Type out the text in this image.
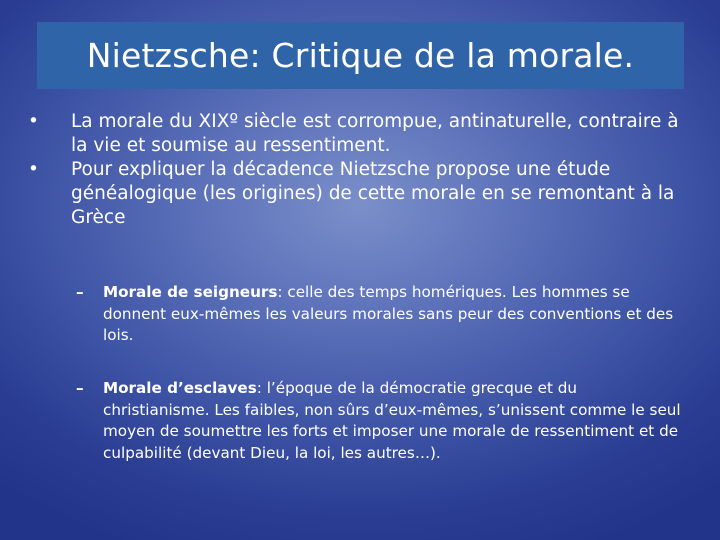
Nietzsche: Critique de la morale.
•	La morale du XIXº siècle est corrompue, antinaturelle, contraire à la vie et soumise au ressentiment.
•	Pour expliquer la décadence Nietzsche propose une étude généalogique (les origines) de cette morale en se remontant à la Grèce
– Morale de seigneurs: celle des temps homériques. Les hommes se donnent eux-mêmes les valeurs morales sans peur des conventions et des lois.
– Morale d’esclaves: l’époque de la démocratie grecque et du christianisme. Les faibles, non sûrs d’eux-mêmes, s’unissent comme le seul moyen de soumettre les forts et imposer une morale de ressentiment et de culpabilité (devant Dieu, la loi, les autres…).
